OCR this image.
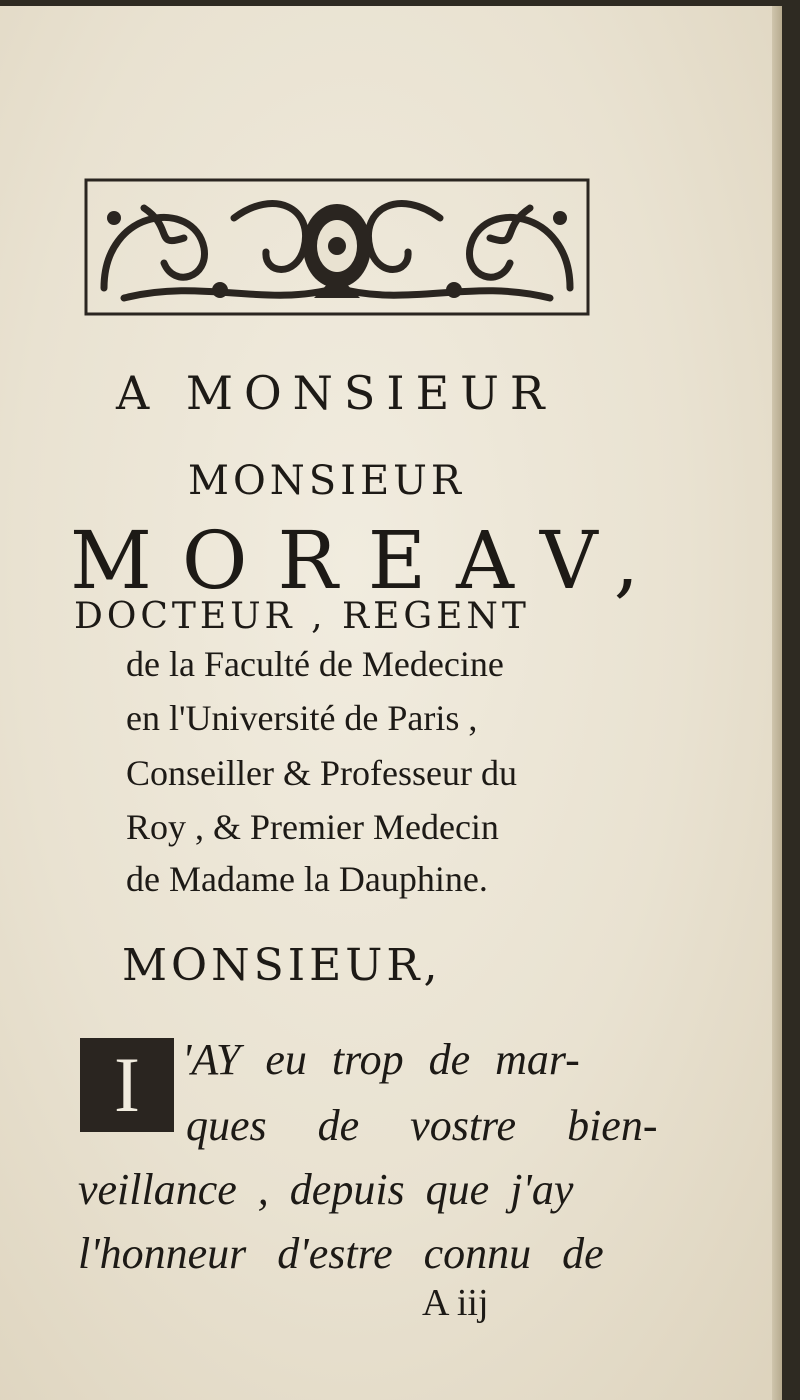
A MONSIEUR

MONSIEUR

MOREAV,

DOCTEUR , REGENT

de la Faculté de Medecine

en l'Université de Paris ,

Conseiller & Professeur du

Roy , & Premier Medecin

de Madame la Dauphine.

MONSIEUR,

I 'AY eu trop de mar-

ques de vostre bien-

veillance , depuis que j'ay

l'honneur d'estre connu de

A iij
